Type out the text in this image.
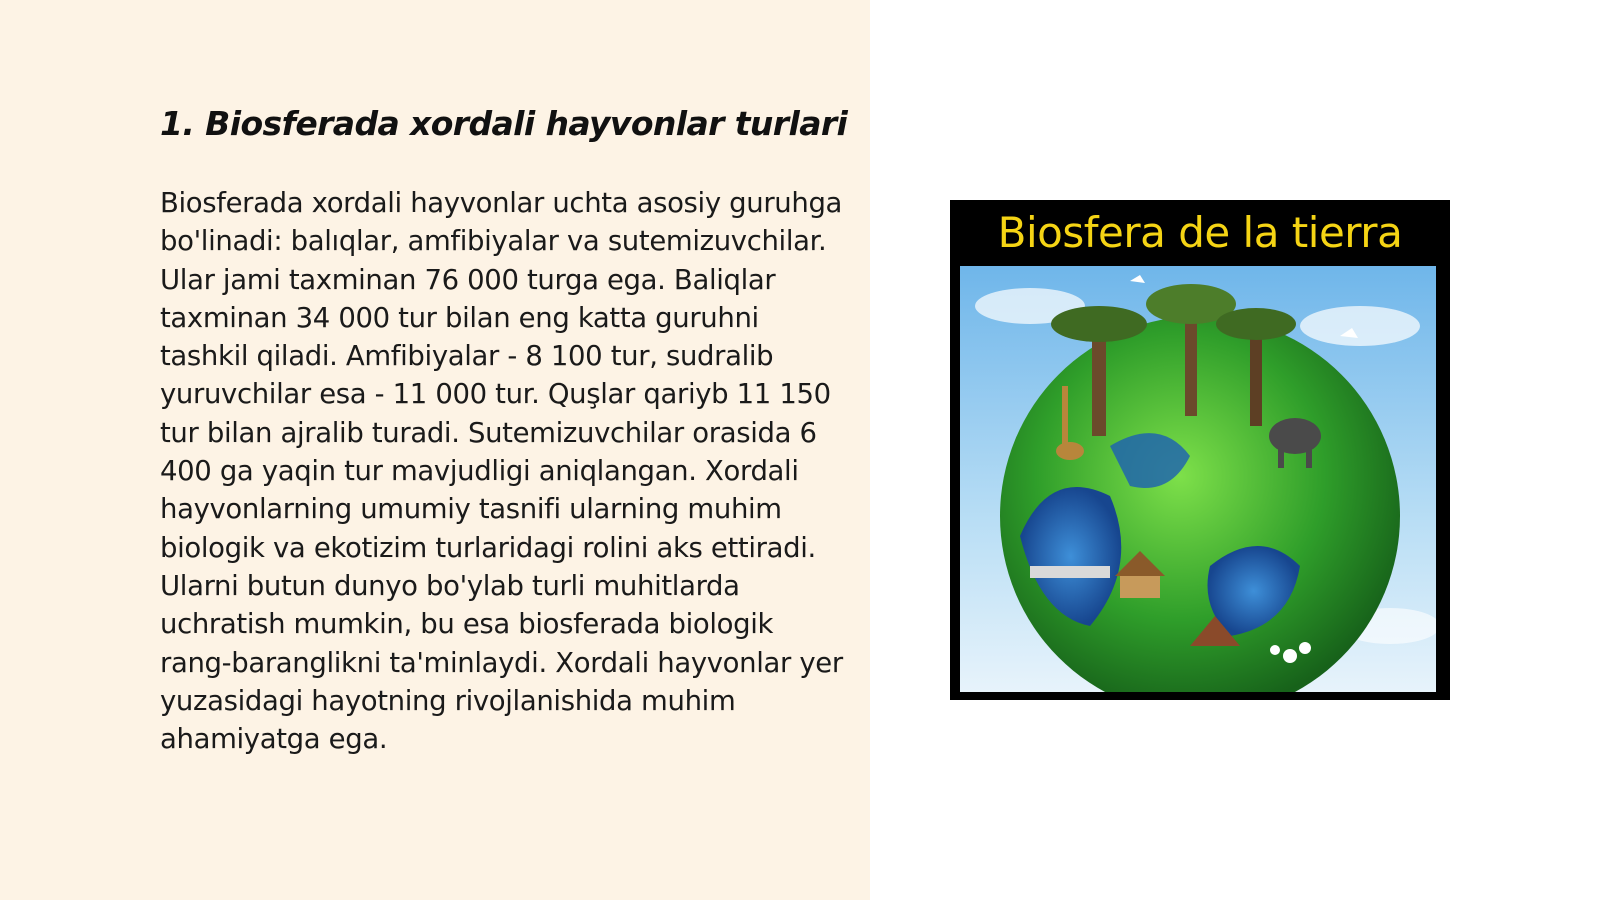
1. Biosferada xordali hayvonlar turlari

Biosferada xordali hayvonlar uchta asosiy guruhga bo'linadi: balıqlar, amfibiyalar va sutemizuvchilar. Ular jami taxminan 76 000 turga ega. Baliqlar taxminan 34 000 tur bilan eng katta guruhni tashkil qiladi. Amfibiyalar - 8 100 tur, sudralib yuruvchilar esa - 11 000 tur. Quşlar qariyb 11 150 tur bilan ajralib turadi. Sutemizuvchilar orasida 6 400 ga yaqin tur mavjudligi aniqlangan. Xordali hayvonlarning umumiy tasnifi ularning muhim biologik va ekotizim turlaridagi rolini aks ettiradi. Ularni butun dunyo bo'ylab turli muhitlarda uchratish mumkin, bu esa biosferada biologik rang-baranglikni ta'minlaydi. Xordali hayvonlar yer yuzasidagi hayotning rivojlanishida muhim ahamiyatga ega.

Biosfera de la tierra
